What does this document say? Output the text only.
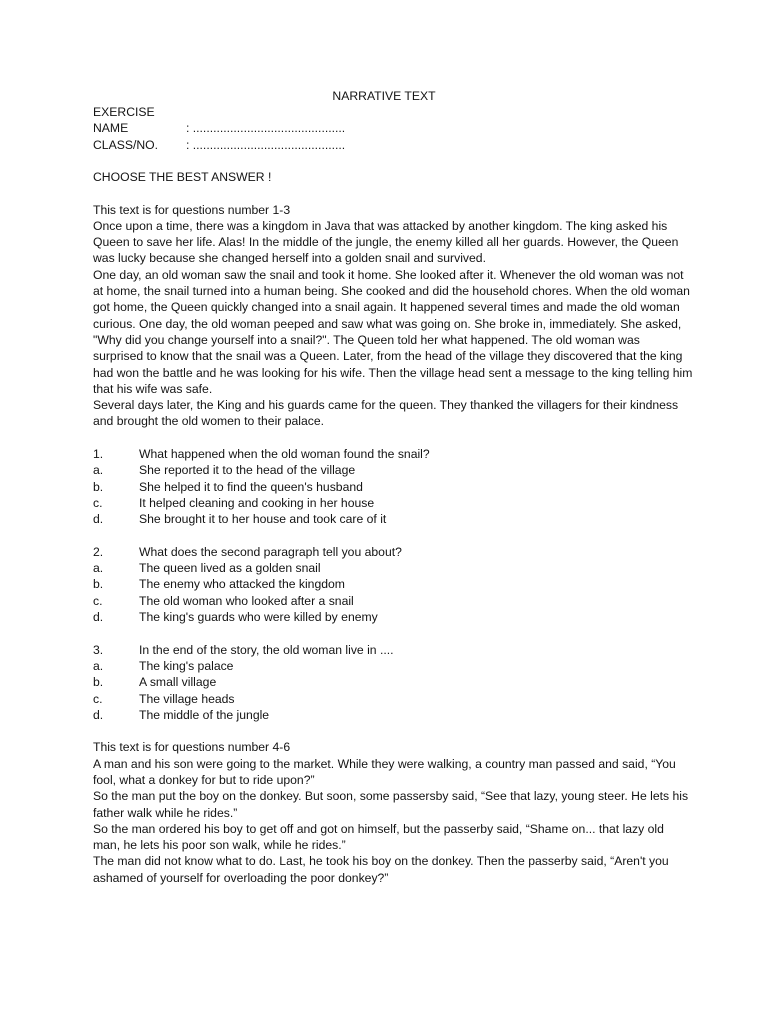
NARRATIVE TEXT
EXERCISE
NAME	: .............................................
CLASS/NO.	: .............................................

CHOOSE THE BEST ANSWER !

This text is for questions number 1-3

Once upon a time, there was a kingdom in Java that was attacked by another kingdom. The king asked his Queen to save her life. Alas! In the middle of the jungle, the enemy killed all her guards. However, the Queen was lucky because she changed herself into a golden snail and survived.

One day, an old woman saw the snail and took it home. She looked after it. Whenever the old woman was not at home, the snail turned into a human being. She cooked and did the household chores. When the old woman got home, the Queen quickly changed into a snail again. It happened several times and made the old woman curious. One day, the old woman peeped and saw what was going on. She broke in, immediately. She asked, "Why did you change yourself into a snail?". The Queen told her what happened. The old woman was surprised to know that the snail was a Queen. Later, from the head of the village they discovered that the king had won the battle and he was looking for his wife. Then the village head sent a message to the king telling him that his wife was safe.

Several days later, the King and his guards came for the queen. They thanked the villagers for their kindness and brought the old women to their palace.

1.	What happened when the old woman found the snail?
a.	She reported it to the head of the village
b.	She helped it to find the queen's husband
c.	It helped cleaning and cooking in her house
d.	She brought it to her house and took care of it
2.	What does the second paragraph tell you about?
a.	The queen lived as a golden snail
b.	The enemy who attacked the kingdom
c.	The old woman who looked after a snail
d.	The king's guards who were killed by enemy
3.	In the end of the story, the old woman live in ....
a.	The king's palace
b.	A small village
c.	The village heads
d.	The middle of the jungle

This text is for questions number 4-6

A man and his son were going to the market. While they were walking, a country man passed and said, “You fool, what a donkey for but to ride upon?”

So the man put the boy on the donkey. But soon, some passersby said, “See that lazy, young steer. He lets his father walk while he rides.”

So the man ordered his boy to get off and got on himself, but the passerby said, “Shame on... that lazy old man, he lets his poor son walk, while he rides.”

The man did not know what to do. Last, he took his boy on the donkey. Then the passerby said, “Aren't you ashamed of yourself for overloading the poor donkey?”
